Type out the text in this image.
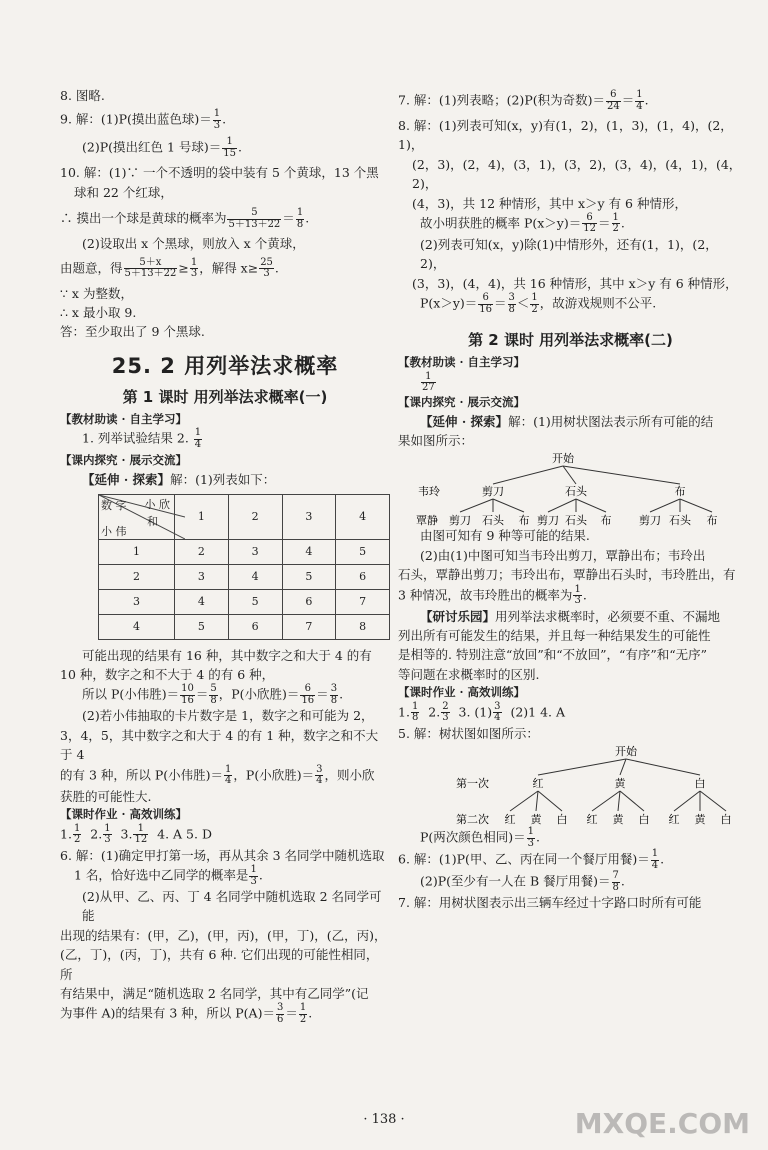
8. 图略.

9. 解：(1)P(摸出蓝色球)＝ $\frac{1}{3}$ .

(2)P(摸出红色 1 号球)＝ $\frac{1}{15}$ .

10. 解：(1)∵ 一个不透明的袋中装有 5 个黄球，13 个黑

球和 22 个红球，

∴ 摸出一个球是黄球的概率为 $\frac{5}{5+13+22} = \frac{1}{8}$ .

(2)设取出 x 个黑球，则放入 x 个黄球，

由题意，得 $\frac{5+x}{5+13+22} \ge \frac{1}{3}$ ，解得 $x\ge \frac{25}{3}$ .

∵ x 为整数，

∴ x 最小取 9.

答：至少取出了 9 个黑球.

25. 2 用列举法求概率
第 1 课时 用列举法求概率(一)

【教材助读 · 自主学习】

1. 列举试验结果 2. $\frac{1}{4}$

【课内探究 · 展示交流】

【延伸 · 探索】解：(1)列表如下：

数 字 小 欣
和
小 伟	1	2	3	4
1	2	3	4	5
2	3	4	5	6
3	4	5	6	7
4	5	6	7	8

可能出现的结果有 16 种，其中数字之和大于 4 的有

10 种，数字之和不大于 4 的有 6 种，

所以 P(小伟胜)＝ $\frac{10}{16} = \frac{5}{8}$ ，P(小欣胜)＝ $\frac{6}{16} = \frac{3}{8}$ .

(2)若小伟抽取的卡片数字是 1，数字之和可能为 2，

3，4，5，其中数字之和大于 4 的有 1 种，数字之和不大于 4

的有 3 种，所以 P(小伟胜)＝ $\frac{1}{4}$ ，P(小欣胜)＝ $\frac{3}{4}$ ，则小欣

获胜的可能性大.

【课时作业 · 高效训练】

1. $\frac{1}{2} 2$. $\frac{1}{3} 3$. $\frac{1}{12} 4$. A 5. D

6. 解：(1)确定甲打第一场，再从其余 3 名同学中随机选取

1 名，恰好选中乙同学的概率是 $\frac{1}{3}$ .

(2)从甲、乙、丙、丁 4 名同学中随机选取 2 名同学可能

出现的结果有：(甲，乙)，(甲，丙)，(甲，丁)，(乙，丙)，

(乙，丁)，(丙，丁)，共有 6 种. 它们出现的可能性相同，所

有结果中，满足“随机选取 2 名同学，其中有乙同学”(记

为事件 A)的结果有 3 种，所以 $P(A)= \frac{3}{6} = \frac{1}{2}$ .

7. 解：(1)列表略；(2)P(积为奇数)＝ $\frac{6}{24} = \frac{1}{4}$ .

8. 解：(1)列表可知(x，y)有(1，2)，(1，3)，(1，4)，(2，1)，

(2，3)，(2，4)，(3，1)，(3，2)，(3，4)，(4，1)，(4，2)，

(4，3)，共 12 种情形，其中 x＞y 有 6 种情形，

故小明获胜的概率 $P(x>y)= \frac{6}{12} = \frac{1}{2}$ .

(2)列表可知(x，y)除(1)中情形外，还有(1，1)，(2，2)，

(3，3)，(4，4)，共 16 种情形，其中 x＞y 有 6 种情形，

$P(x>y)= \frac{6}{16} = \frac{3}{8} < \frac{1}{2}$ ，故游戏规则不公平.

第 2 课时 用列举法求概率(二)

【教材助读 · 自主学习】

$\frac{1}{27}$

【课内探究 · 展示交流】

【延伸 · 探索】解：(1)用树状图法表示所有可能的结

果如图所示：

开始
韦玲	剪刀	石头	布
覃静 剪刀 石头 布 剪刀 石头 布	剪刀 石头 布

由图可知有 9 种等可能的结果.

(2)由(1)中图可知当韦玲出剪刀，覃静出布；韦玲出

石头，覃静出剪刀；韦玲出布，覃静出石头时，韦玲胜出，有

3 种情况，故韦玲胜出的概率为 $\frac{1}{3}$ .

【研讨乐园】用列举法求概率时，必须要不重、不漏地

列出所有可能发生的结果，并且每一种结果发生的可能性

是相等的. 特别注意“放回”和“不放回”，“有序”和“无序”

等问题在求概率时的区别.

【课时作业 · 高效训练】

1. $\frac{1}{8} 2$. $\frac{2}{3} 3$. $(1) \frac{3}{4} (2)1$ 4. A

5. 解：树状图如图所示：

开始
第一次	红	黄	白
第二次 红 黄 白 红 黄 白 红 黄 白

P(两次颜色相同)＝ $\frac{1}{3}$ .

6. 解：(1)P(甲、乙、丙在同一个餐厅用餐)＝ $\frac{1}{4}$ .

(2)P(至少有一人在 B 餐厅用餐)＝ $\frac{7}{8}$ .

7. 解：用树状图表示出三辆车经过十字路口时所有可能

· 138 ·	MXQE.COM
